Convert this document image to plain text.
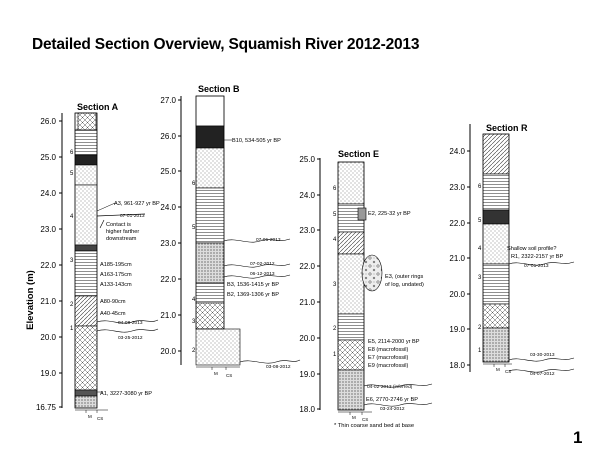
Detailed Section Overview, Squamish River 2012-2013
1
Elevation (m)
Section A
26.0
25.0
24.0
23.0
22.0
21.0
20.0
19.0
16.75
6
5
4
3
2
1
A3, 961-927 yr BP
07-01-2013
Contact is
higher farther
downstream
A185-195cm
A163-175cm
A133-143cm
A80-90cm
A40-45cm
04-08-2013
03-25-2012
A1, 3227-3080 yr BP
M CS
Section B
27.0
26.0
25.0
24.0
23.0
22.0
21.0
20.0
6
5
4
3
2
B10, 534-505 yr BP
07-01-2013
07-02-2012
06-12-2013
B3, 1536-1415 yr BP
B2, 1369-1306 yr BP
03-08-2012
M CS
Section E
25.0
24.0
23.0
22.0
21.0
20.0
19.0
18.0
6
5
4
3
2
1
E2, 225-32 yr BP
E3, (outer rings
of log, undated)
E5, 2114-2000 yr BP
E8 (macrofossil)
E7 (macrofossil)
E9 (macrofossil)
04-02-2013 (inferred)
E6, 2770-2746 yr BP
03-24-2012
M CS
* Thin coarse sand bed at base
Section R
24.0
23.0
22.0
21.0
20.0
19.0
18.0
6
5
4
3
2
1
Shallow soil profile?
R1, 2322-2157 yr BP
07-01-2013
03-30-2013
04-07-2012
M CS
